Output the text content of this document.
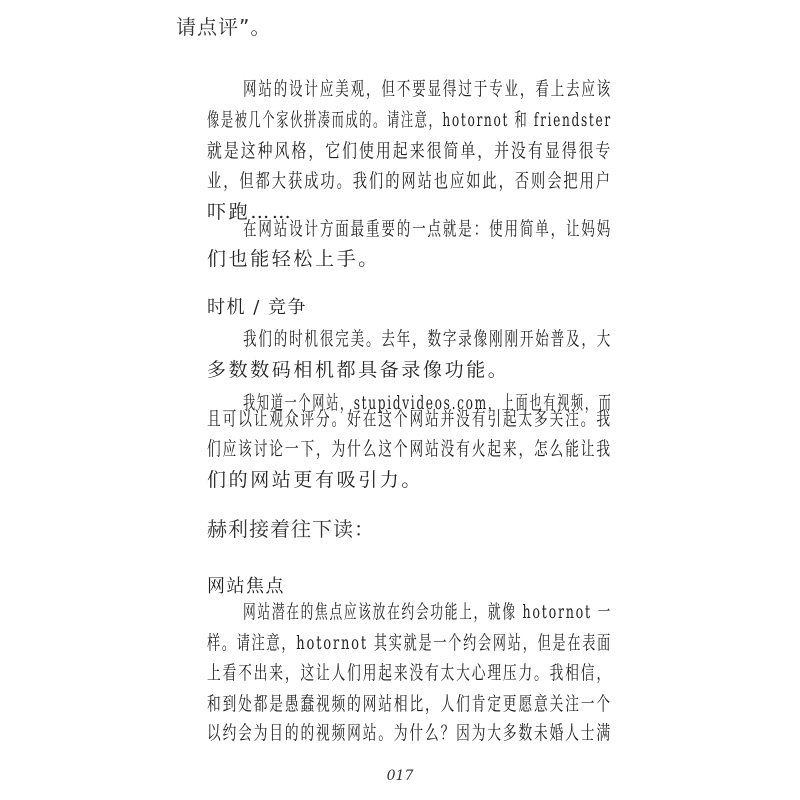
请点评”。
网站的设计应美观，但不要显得过于专业，看上去应该
像是被几个家伙拼凑而成的。请注意，hotornot 和 friendster
就是这种风格，它们使用起来很简单，并没有显得很专
业，但都大获成功。我们的网站也应如此，否则会把用户
吓跑……
在网站设计方面最重要的一点就是：使用简单，让妈妈
们也能轻松上手。
时机 / 竞争
我们的时机很完美。去年，数字录像刚刚开始普及，大
多数数码相机都具备录像功能。
我知道一个网站，stupidvideos.com，上面也有视频，而
且可以让观众评分。好在这个网站并没有引起太多关注。我
们应该讨论一下，为什么这个网站没有火起来，怎么能让我
们的网站更有吸引力。
赫利接着往下读：
网站焦点
网站潜在的焦点应该放在约会功能上，就像 hotornot 一
样。请注意，hotornot 其实就是一个约会网站，但是在表面
上看不出来，这让人们用起来没有太大心理压力。我相信，
和到处都是愚蠢视频的网站相比，人们肯定更愿意关注一个
以约会为目的的视频网站。为什么？因为大多数未婚人士满
017
